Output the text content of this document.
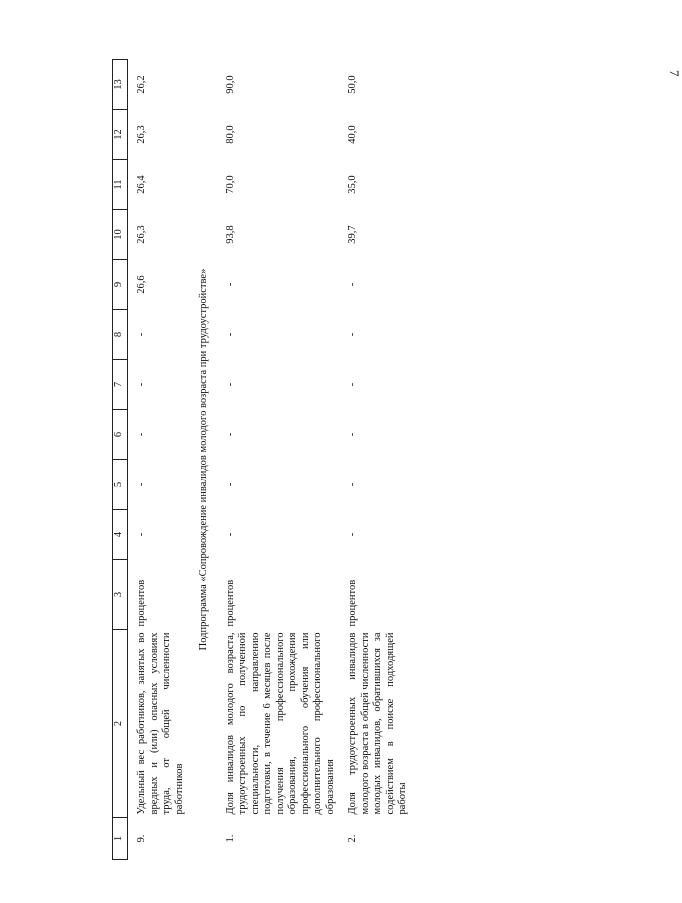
7
1	2	3	4	5	6	7	8	9	10	11	12	13
9.	Удельный вес работников, занятых во вредных и (или) опасных условиях труда, от общей численности работников	процентов	-	-	-	-	-	26,6	26,3	26,4	26,3	26,2
Подпрограмма «Сопровождение инвалидов молодого возраста при трудоустройстве»												
1.	Доля инвалидов молодого возраста, трудоустроенных по полученной специальности, направлению подготовки, в течение 6 месяцев после получения профессионального образования, прохождения профессионального обучения или дополнительного профессионального образования	процентов	-	-	-	-	-	-	93,8	70,0	80,0	90,0
2.	Доля трудоустроенных инвалидов молодого возраста в общей численности молодых инвалидов, обратившихся за содействием в поиске подходящей работы	процентов	-	-	-	-	-	-	39,7	35,0	40,0	50,0
